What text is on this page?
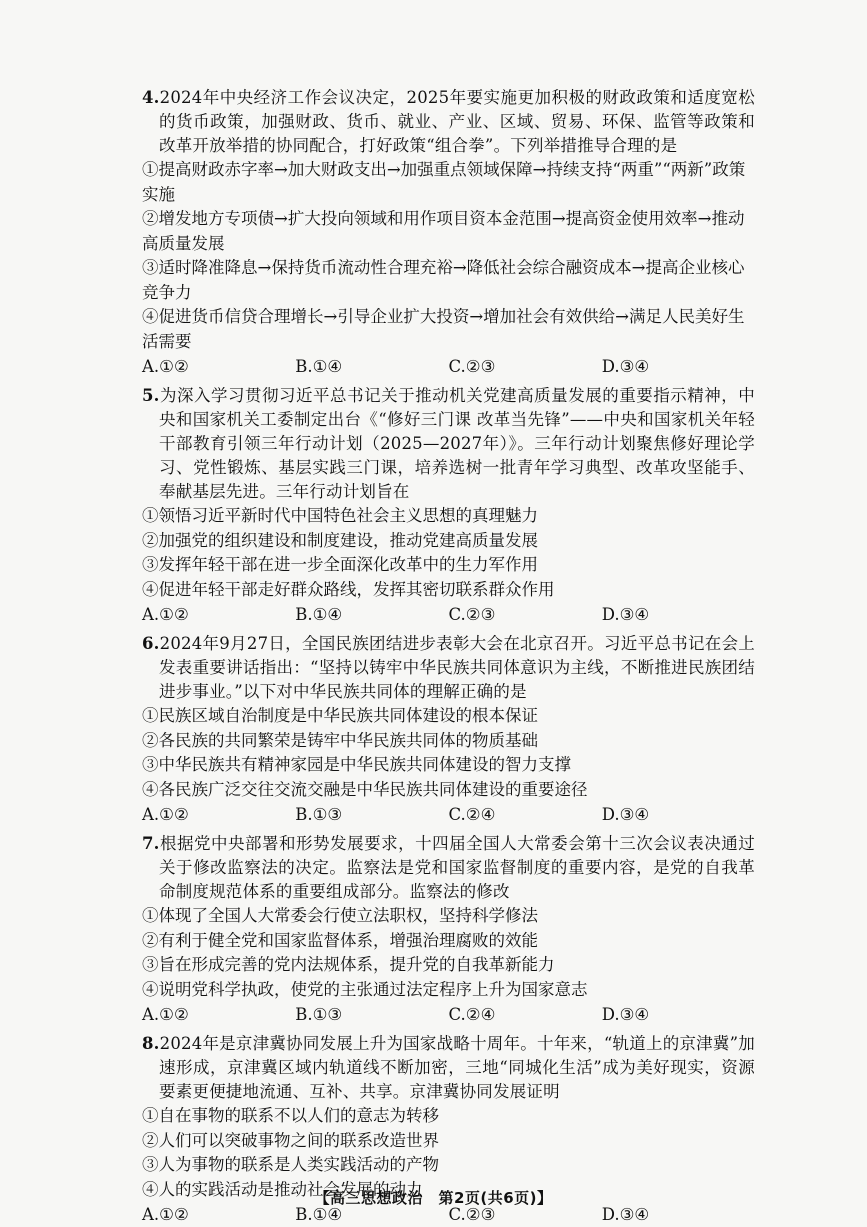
4.2024年中央经济工作会议决定，2025年要实施更加积极的财政政策和适度宽松的货币政策，加强财政、货币、就业、产业、区域、贸易、环保、监管等政策和改革开放举措的协同配合，打好政策“组合拳”。下列举措推导合理的是

①提高财政赤字率→加大财政支出→加强重点领域保障→持续支持“两重”“两新”政策实施
②增发地方专项债→扩大投向领域和用作项目资本金范围→提高资金使用效率→推动高质量发展
③适时降准降息→保持货币流动性合理充裕→降低社会综合融资成本→提高企业核心竞争力
④促进货币信贷合理增长→引导企业扩大投资→增加社会有效供给→满足人民美好生活需要
A.①②	B.①④	C.②③	D.③④

5.为深入学习贯彻习近平总书记关于推动机关党建高质量发展的重要指示精神，中央和国家机关工委制定出台《“修好三门课 改革当先锋”——中央和国家机关年轻干部教育引领三年行动计划（2025—2027年）》。三年行动计划聚焦修好理论学习、党性锻炼、基层实践三门课，培养选树一批青年学习典型、改革攻坚能手、奉献基层先进。三年行动计划旨在

①领悟习近平新时代中国特色社会主义思想的真理魅力
②加强党的组织建设和制度建设，推动党建高质量发展
③发挥年轻干部在进一步全面深化改革中的生力军作用
④促进年轻干部走好群众路线，发挥其密切联系群众作用
A.①②	B.①④	C.②③	D.③④

6.2024年9月27日，全国民族团结进步表彰大会在北京召开。习近平总书记在会上发表重要讲话指出：“坚持以铸牢中华民族共同体意识为主线，不断推进民族团结进步事业。”以下对中华民族共同体的理解正确的是

①民族区域自治制度是中华民族共同体建设的根本保证
②各民族的共同繁荣是铸牢中华民族共同体的物质基础
③中华民族共有精神家园是中华民族共同体建设的智力支撑
④各民族广泛交往交流交融是中华民族共同体建设的重要途径
A.①②	B.①③	C.②④	D.③④

7.根据党中央部署和形势发展要求，十四届全国人大常委会第十三次会议表决通过关于修改监察法的决定。监察法是党和国家监督制度的重要内容，是党的自我革命制度规范体系的重要组成部分。监察法的修改

①体现了全国人大常委会行使立法职权，坚持科学修法
②有利于健全党和国家监督体系，增强治理腐败的效能
③旨在形成完善的党内法规体系，提升党的自我革新能力
④说明党科学执政，使党的主张通过法定程序上升为国家意志
A.①②	B.①③	C.②④	D.③④

8.2024年是京津冀协同发展上升为国家战略十周年。十年来，“轨道上的京津冀”加速形成，京津冀区域内轨道线不断加密，三地“同城化生活”成为美好现实，资源要素更便捷地流通、互补、共享。京津冀协同发展证明

①自在事物的联系不以人们的意志为转移
②人们可以突破事物之间的联系改造世界
③人为事物的联系是人类实践活动的产物
④人的实践活动是推动社会发展的动力
A.①②	B.①④	C.②③	D.③④
【高三思想政治　第2页(共6页)】
